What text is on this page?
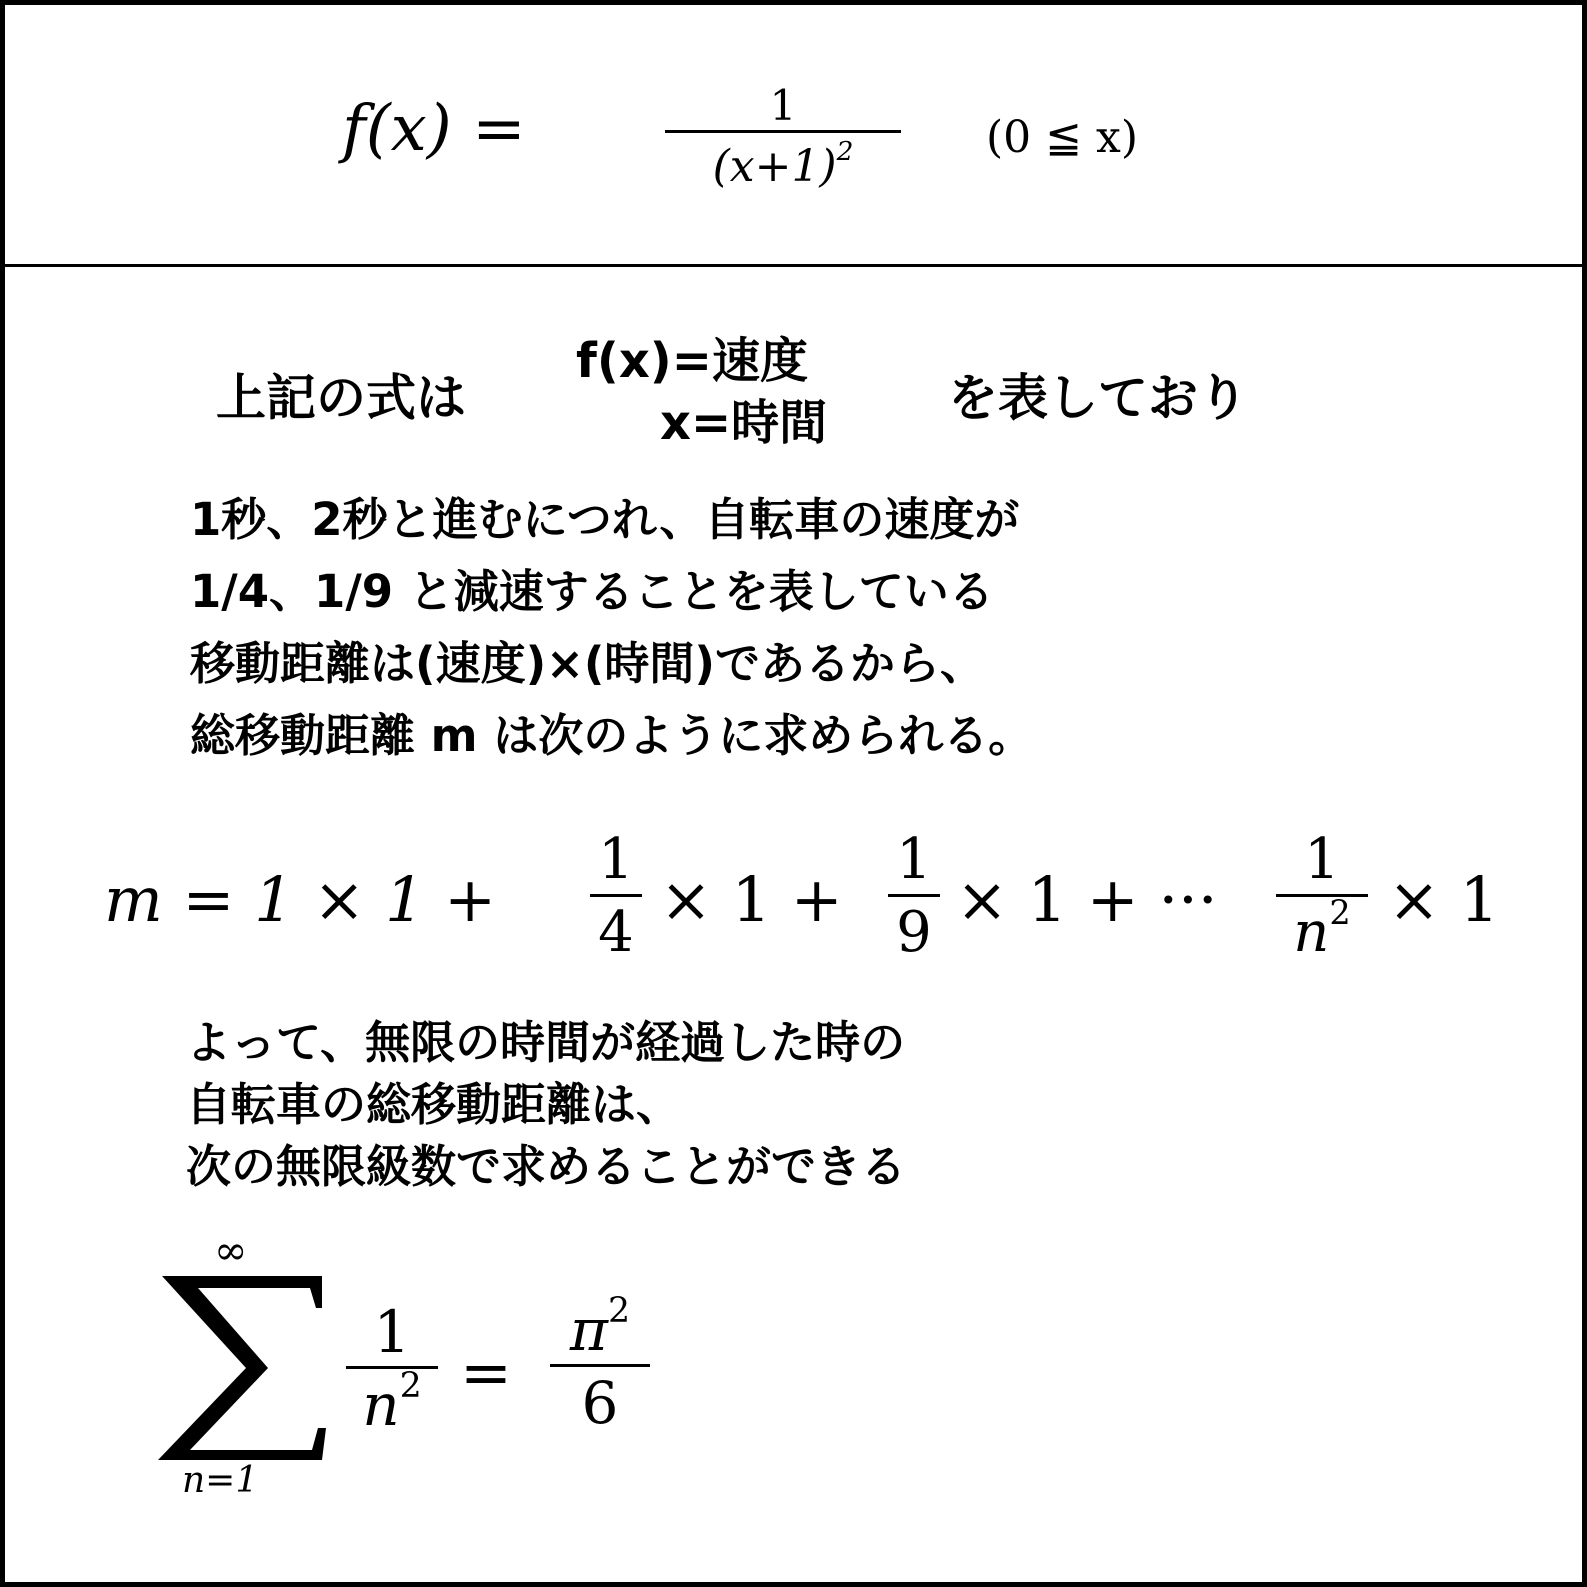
f(x) =	1
$(x+1)^2$	(0 ≦ x)
上記の式は
f(x)=速度
x=時間 を表しており
1秒、2秒と進むにつれ、自転車の速度が
1/4、1/9 と減速することを表している
移動距離は(速度)×(時間)であるから、
総移動距離 m は次のように求められる。
m = 1 × 1 +
1
4 × 1 +
1
9 × 1 + ···
1
$n^2 \times 1$
よって、無限の時間が経過した時の
自転車の総移動距離は、
次の無限級数で求めることができる
∞
n=1
1
$n^2$ =
$\pi^2$
6
